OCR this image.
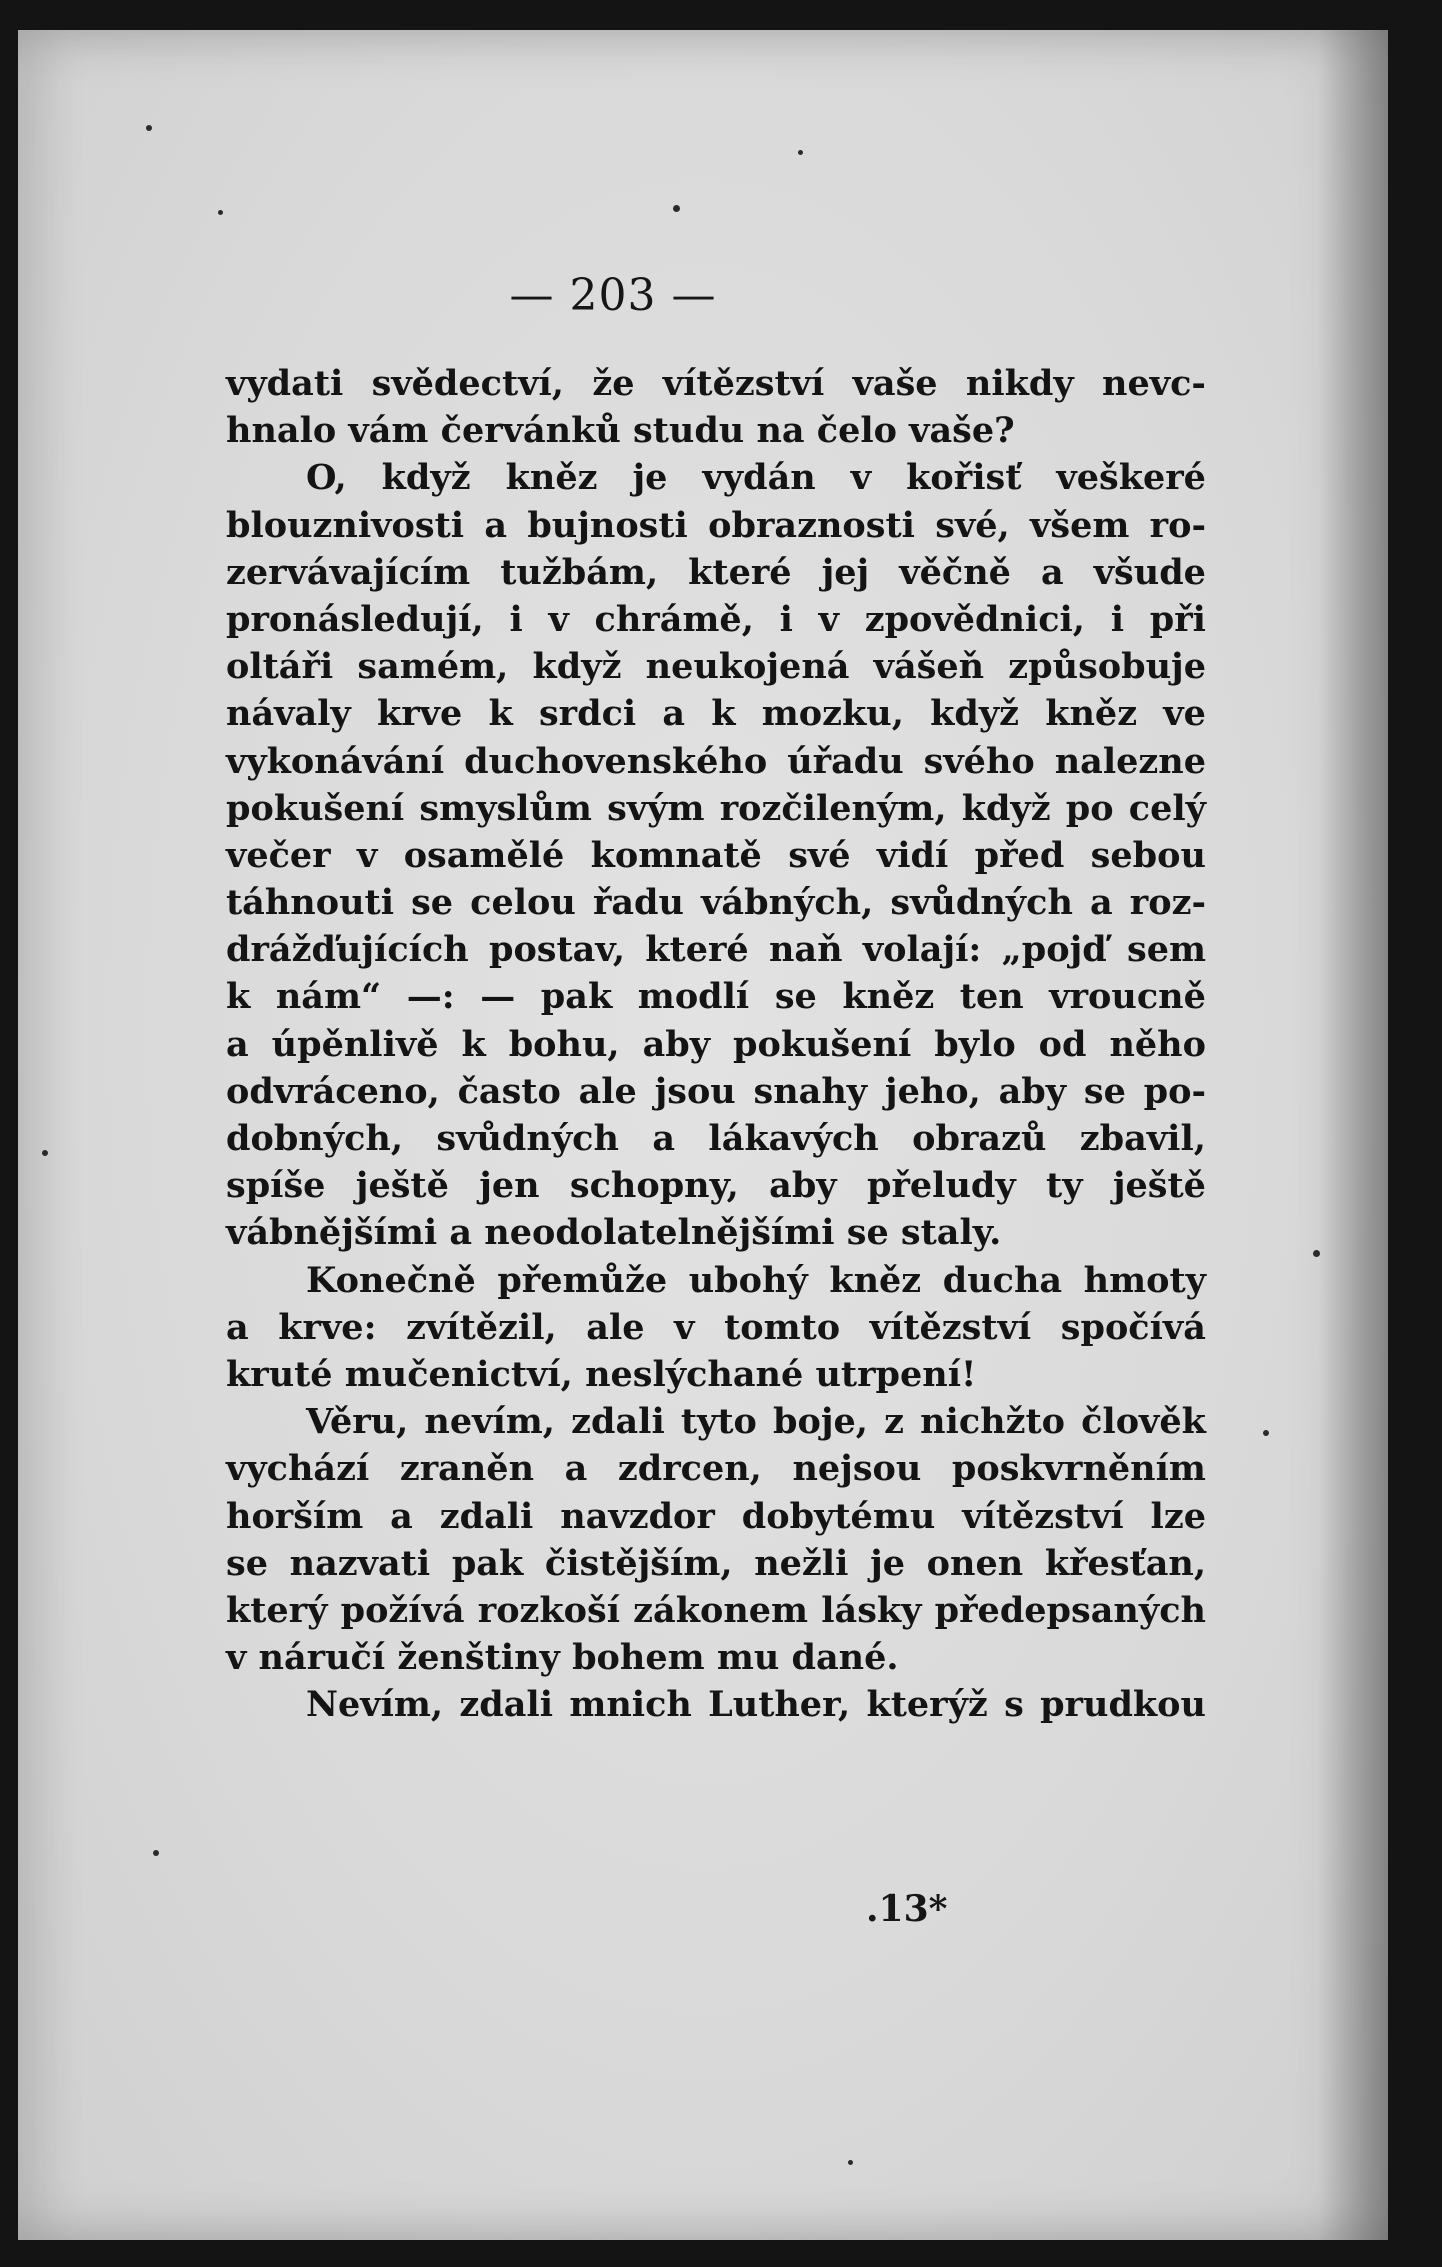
— 203 —
vydati svědectví, že vítězství vaše nikdy nevc-
hnalo vám červánků studu na čelo vaše?
O, když kněz je vydán v kořisť veškeré
blouznivosti a bujnosti obraznosti své, všem ro-
zervávajícím tužbám, které jej věčně a všude
pronásledují, i v chrámě, i v zpovědnici, i při
oltáři samém, když neukojená vášeň způsobuje
návaly krve k srdci a k mozku, když kněz ve
vykonávání duchovenského úřadu svého nalezne
pokušení smyslům svým rozčileným, když po celý
večer v osamělé komnatě své vidí před sebou
táhnouti se celou řadu vábných, svůdných a roz-
drážďujících postav, které naň volají: „pojď sem
k nám“ —: — pak modlí se kněz ten vroucně
a úpěnlivě k bohu, aby pokušení bylo od něho
odvráceno, často ale jsou snahy jeho, aby se po-
dobných, svůdných a lákavých obrazů zbavil,
spíše ještě jen schopny, aby přeludy ty ještě
vábnějšími a neodolatelnějšími se staly.
Konečně přemůže ubohý kněz ducha hmoty
a krve: zvítězil, ale v tomto vítězství spočívá
kruté mučenictví, neslýchané utrpení!
Věru, nevím, zdali tyto boje, z nichžto člověk
vychází zraněn a zdrcen, nejsou poskvrněním
horším a zdali navzdor dobytému vítězství lze
se nazvati pak čistějším, nežli je onen křesťan,
který požívá rozkoší zákonem lásky předepsaných
v náručí ženštiny bohem mu dané.
Nevím, zdali mnich Luther, kterýž s prudkou
.13*
